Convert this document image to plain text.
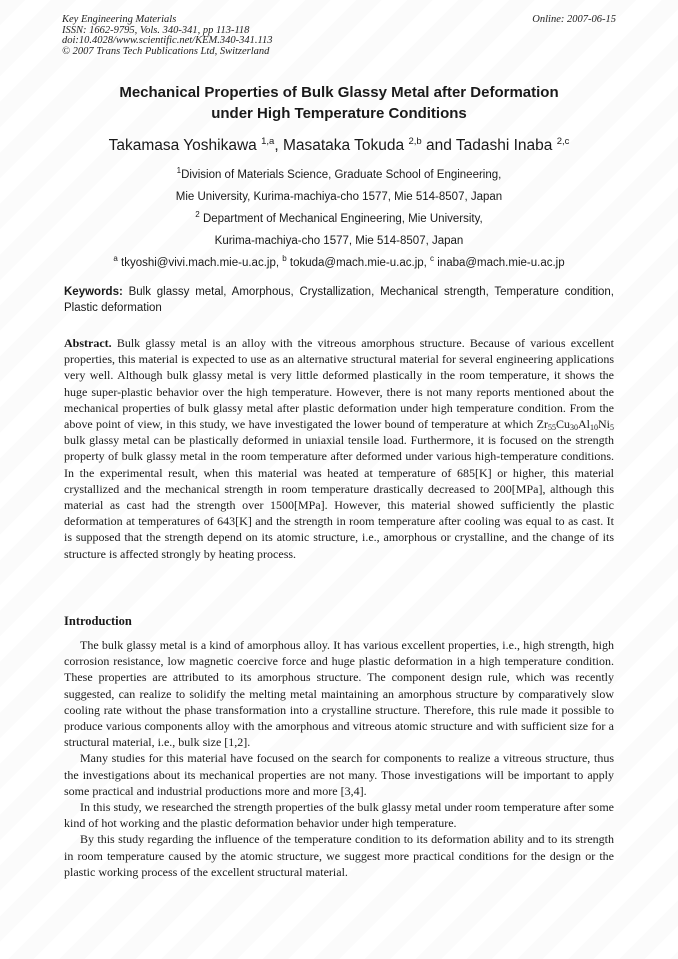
Key Engineering Materials
ISSN: 1662-9795, Vols. 340-341, pp 113-118
doi:10.4028/www.scientific.net/KEM.340-341.113
© 2007 Trans Tech Publications Ltd, Switzerland
Online: 2007-06-15
Mechanical Properties of Bulk Glassy Metal after Deformation
under High Temperature Conditions
Takamasa Yoshikawa $^{1,a}$, Masataka Tokuda $^{2,b}$ and Tadashi Inaba $^{2,c}$
$^1$Division of Materials Science, Graduate School of Engineering,
Mie University, Kurima-machiya-cho 1577, Mie 514-8507, Japan
$^2$ Department of Mechanical Engineering, Mie University,
Kurima-machiya-cho 1577, Mie 514-8507, Japan
$^a$ tkyoshi@vivi.mach.mie-u.ac.jp, $^b$ tokuda@mach.mie-u.ac.jp, $^c$ inaba@mach.mie-u.ac.jp

Keywords: Bulk glassy metal, Amorphous, Crystallization, Mechanical strength, Temperature condition, Plastic deformation

Abstract. Bulk glassy metal is an alloy with the vitreous amorphous structure. Because of various excellent properties, this material is expected to use as an alternative structural material for several engineering applications very well. Although bulk glassy metal is very little deformed plastically in the room temperature, it shows the huge super-plastic behavior over the high temperature. However, there is not many reports mentioned about the mechanical properties of bulk glassy metal after plastic deformation under high temperature condition. From the above point of view, in this study, we have investigated the lower bound of temperature at which $Zr_{55}Cu_{30}Al_{10}Ni_5$ bulk glassy metal can be plastically deformed in uniaxial tensile load. Furthermore, it is focused on the strength property of bulk glassy metal in the room temperature after deformed under various high-temperature conditions. In the experimental result, when this material was heated at temperature of 685[K] or higher, this material crystallized and the mechanical strength in room temperature drastically decreased to 200[MPa], although this material as cast had the strength over 1500[MPa]. However, this material showed sufficiently the plastic deformation at temperatures of 643[K] and the strength in room temperature after cooling was equal to as cast. It is supposed that the strength depend on its atomic structure, i.e., amorphous or crystalline, and the change of its structure is affected strongly by heating process.

Introduction

The bulk glassy metal is a kind of amorphous alloy. It has various excellent properties, i.e., high strength, high corrosion resistance, low magnetic coercive force and huge plastic deformation in a high temperature condition. These properties are attributed to its amorphous structure. The component design rule, which was recently suggested, can realize to solidify the melting metal maintaining an amorphous structure by comparatively slow cooling rate without the phase transformation into a crystalline structure. Therefore, this rule made it possible to produce various components alloy with the amorphous and vitreous atomic structure and with sufficient size for a structural material, i.e., bulk size [1,2].

Many studies for this material have focused on the search for components to realize a vitreous structure, thus the investigations about its mechanical properties are not many. Those investigations will be important to apply some practical and industrial productions more and more [3,4].

In this study, we researched the strength properties of the bulk glassy metal under room temperature after some kind of hot working and the plastic deformation behavior under high temperature.

By this study regarding the influence of the temperature condition to its deformation ability and to its strength in room temperature caused by the atomic structure, we suggest more practical conditions for the design or the plastic working process of the excellent structural material.
